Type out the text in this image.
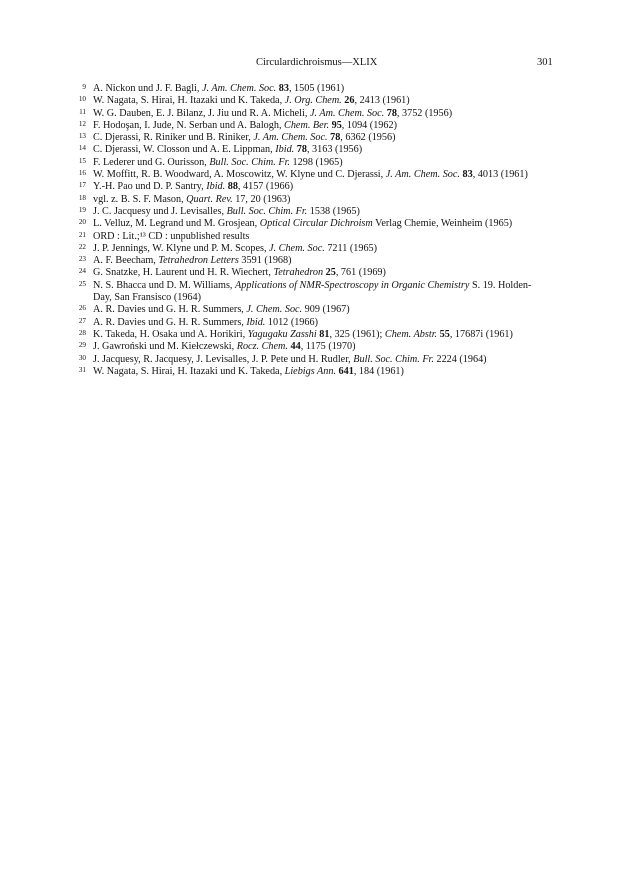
Circulardichroismus—XLIX	301
9 A. Nickon und J. F. Bagli, J. Am. Chem. Soc. 83, 1505 (1961)
10 W. Nagata, S. Hirai, H. Itazaki und K. Takeda, J. Org. Chem. 26, 2413 (1961)
11 W. G. Dauben, E. J. Bilanz, J. Jiu und R. A. Micheli, J. Am. Chem. Soc. 78, 3752 (1956)
12 F. Hodoşan, I. Jude, N. Serban und A. Balogh, Chem. Ber. 95, 1094 (1962)
13 C. Djerassi, R. Riniker und B. Riniker, J. Am. Chem. Soc. 78, 6362 (1956)
14 C. Djerassi, W. Closson und A. E. Lippman, Ibid. 78, 3163 (1956)
15 F. Lederer und G. Ourisson, Bull. Soc. Chim. Fr. 1298 (1965)
16 W. Moffitt, R. B. Woodward, A. Moscowitz, W. Klyne und C. Djerassi, J. Am. Chem. Soc. 83, 4013 (1961)
17 Y.-H. Pao und D. P. Santry, Ibid. 88, 4157 (1966)
18 vgl. z. B. S. F. Mason, Quart. Rev. 17, 20 (1963)
19 J. C. Jacquesy und J. Levisalles, Bull. Soc. Chim. Fr. 1538 (1965)
20 L. Velluz, M. Legrand und M. Grosjean, Optical Circular Dichroism Verlag Chemie, Weinheim (1965)
21 ORD : Lit.;¹³ CD : unpublished results
22 J. P. Jennings, W. Klyne und P. M. Scopes, J. Chem. Soc. 7211 (1965)
23 A. F. Beecham, Tetrahedron Letters 3591 (1968)
24 G. Snatzke, H. Laurent und H. R. Wiechert, Tetrahedron 25, 761 (1969)
25 N. S. Bhacca und D. M. Williams, Applications of NMR-Spectroscopy in Organic Chemistry S. 19. Holden-Day, San Fransisco (1964)
26 A. R. Davies und G. H. R. Summers, J. Chem. Soc. 909 (1967)
27 A. R. Davies und G. H. R. Summers, Ibid. 1012 (1966)
28 K. Takeda, H. Osaka und A. Horikiri, Yagugaku Zasshi 81, 325 (1961); Chem. Abstr. 55, 17687i (1961)
29 J. Gawroński und M. Kiełczewski, Rocz. Chem. 44, 1175 (1970)
30 J. Jacquesy, R. Jacquesy, J. Levisalles, J. P. Pete und H. Rudler, Bull. Soc. Chim. Fr. 2224 (1964)
31 W. Nagata, S. Hirai, H. Itazaki und K. Takeda, Liebigs Ann. 641, 184 (1961)
